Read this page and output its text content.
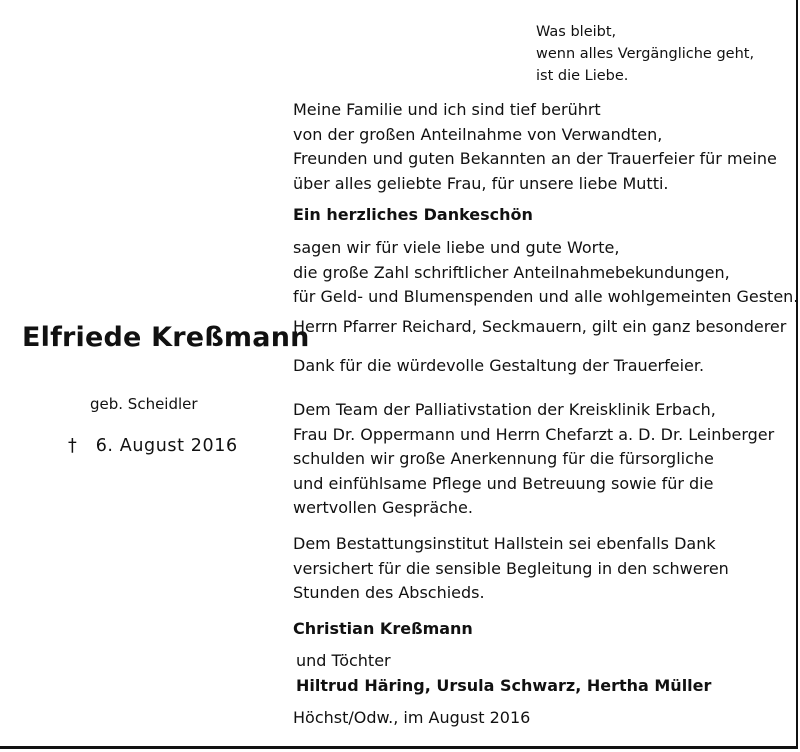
Was bleibt,
wenn alles Vergängliche geht,
ist die Liebe.
Meine Familie und ich sind tief berührt
von der großen Anteilnahme von Verwandten,
Freunden und guten Bekannten an der Trauerfeier für meine
über alles geliebte Frau, für unsere liebe Mutti.
Ein herzliches Dankeschön
sagen wir für viele liebe und gute Worte,
die große Zahl schriftlicher Anteilnahmebekundungen,
für Geld- und Blumenspenden und alle wohlgemeinten Gesten.
Herrn Pfarrer Reichard, Seckmauern, gilt ein ganz besonderer
Dank für die würdevolle Gestaltung der Trauerfeier.
Dem Team der Palliativstation der Kreisklinik Erbach,
Frau Dr. Oppermann und Herrn Chefarzt a. D. Dr. Leinberger
schulden wir große Anerkennung für die fürsorgliche
und einfühlsame Pflege und Betreuung sowie für die
wertvollen Gespräche.
Dem Bestattungsinstitut Hallstein sei ebenfalls Dank
versichert für die sensible Begleitung in den schweren
Stunden des Abschieds.
Christian Kreßmann
und Töchter
Hiltrud Häring, Ursula Schwarz, Hertha Müller
Höchst/Odw., im August 2016
Elfriede Kreßmann
geb. Scheidler
† 6. August 2016
